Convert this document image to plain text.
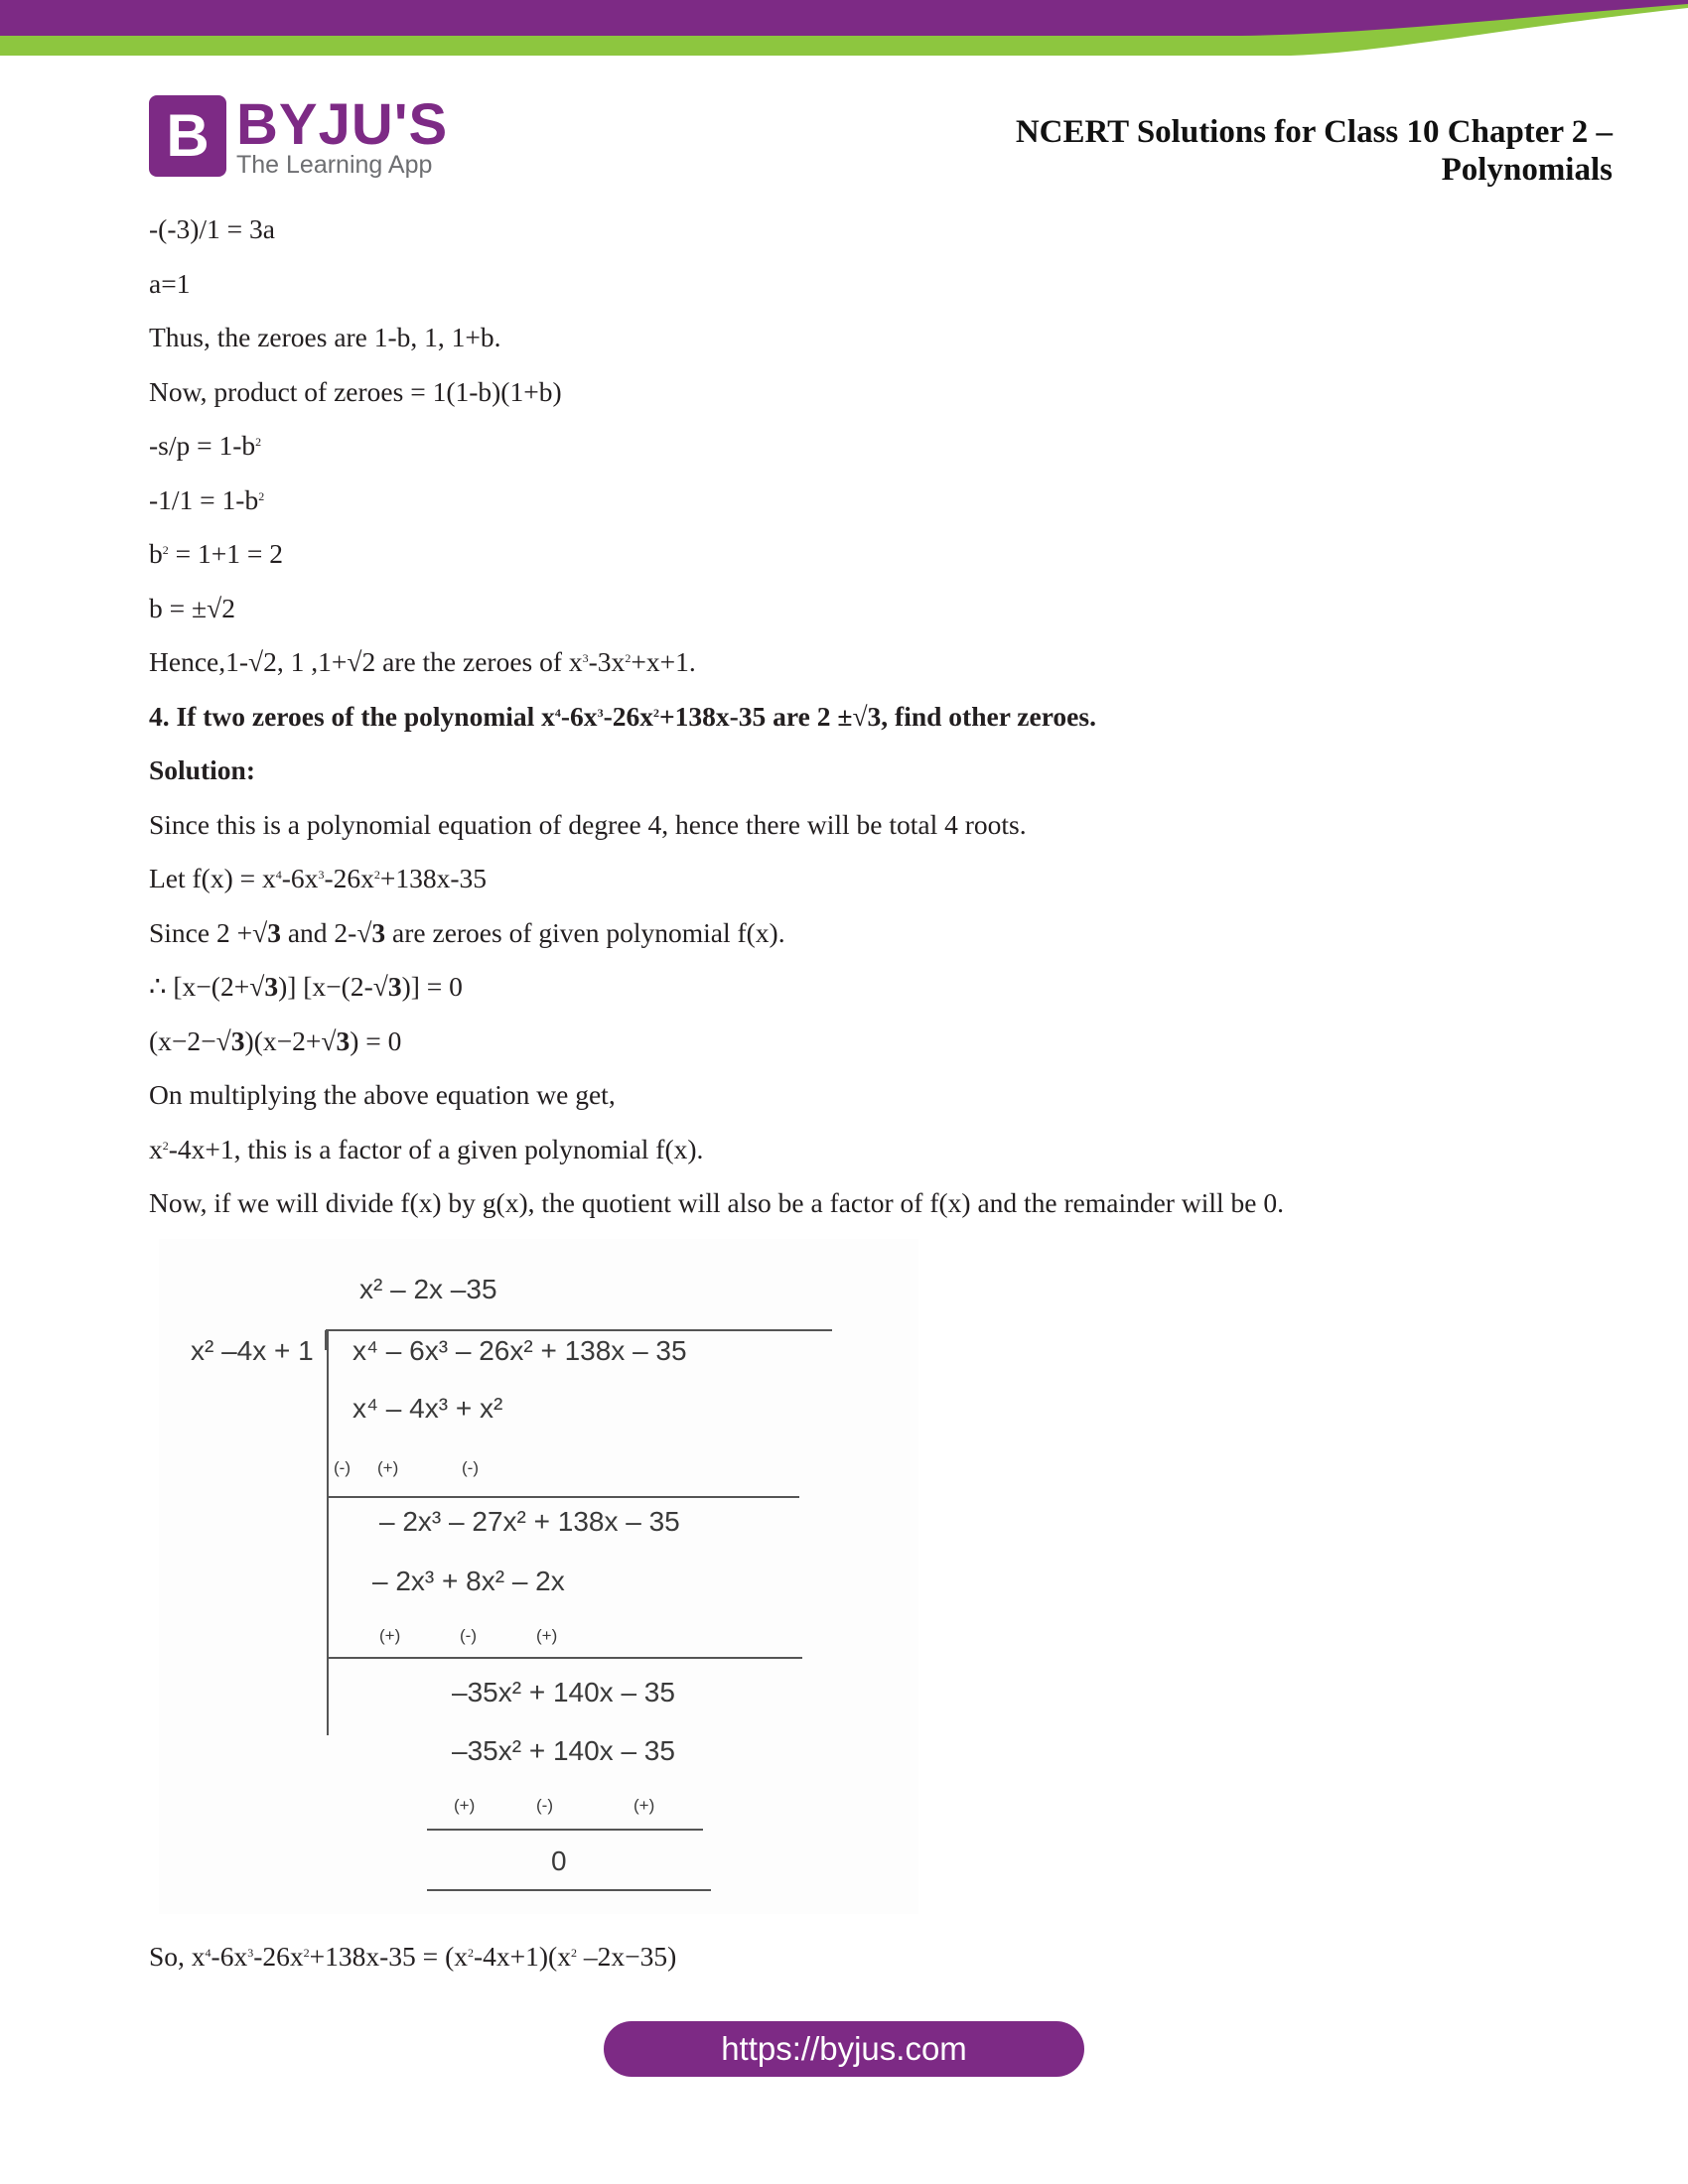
B BYJU'S
The Learning App
NCERT Solutions for Class 10 Chapter 2 –
Polynomials
-(-3)/1 = 3a
a=1
Thus, the zeroes are 1-b, 1, 1+b.
Now, product of zeroes = 1(1-b)(1+b)
$-s/p = 1-b^2$
$-1/1 = 1-b^2$
$b^2 = 1+1 = 2$
b = ±√2
Hence,1-√2, 1 ,1+√2 are the zeroes of $x^3-3x^2+x+1$.
4. If two zeroes of the polynomial $x^4-6x^3-26x^2+138x-35$ are 2 ±√3, find other zeroes.
Solution:
Since this is a polynomial equation of degree 4, hence there will be total 4 roots.
Let $f(x) = x^4-6x^3-26x^2+138x-35$
Since 2 +√3 and 2-√3 are zeroes of given polynomial f(x).
∴ [x−(2+√3)] [x−(2-√3)] = 0
(x−2−√3)(x−2+√3) = 0
On multiplying the above equation we get,
$x^2-4x+1$, this is a factor of a given polynomial f(x).
Now, if we will divide f(x) by g(x), the quotient will also be a factor of f(x) and the remainder will be 0.
x² – 2x –35
x² –4x + 1 x⁴ – 6x³ – 26x² + 138x – 35
x⁴ – 4x³ + x²
(-) (+)	(-)
– 2x³ – 27x² + 138x – 35
– 2x³ + 8x² – 2x
(+)	(-)	(+)
–35x² + 140x – 35
–35x² + 140x – 35
(+)	(-)	(+)
0
So, $x^4-6x^3-26x^2+138x-35 = (x^2-4x+1)(x^2$ –2x−35)
https://byjus.com
